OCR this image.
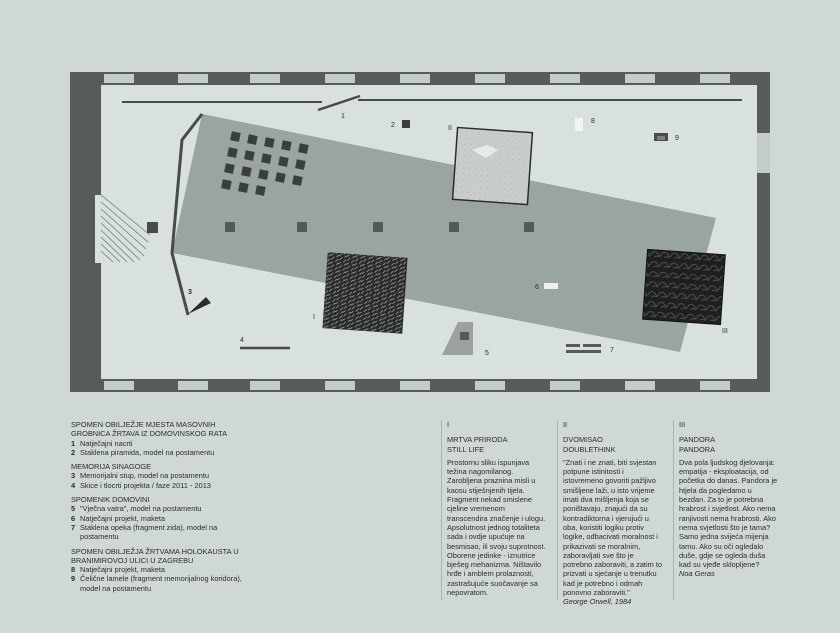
1
2
3
4
5
6
7
8
9
I
II
III
SPOMEN OBILJEŽJE MJESTA MASOVNIH GROBNICA ŽRTAVA IZ DOMOVINSKOG RATA
1 Natječajni nacrti
2 Staklena piramida, model na postamentu
MEMORIJA SINAGOGE
3 Memorijalni stup, model na postamentu
4 Skice i tlocrti projekta / faze 2011 - 2013
SPOMENIK DOMOVINI
5 "Vječna vatra", model na postamentu
6 Natječajni projekt, maketa
7 Staklena opeka (fragment zida), model na postamentu
SPOMEN OBILJEŽJA ŽRTVAMA HOLOKAUSTA U BRANIMIROVOJ ULICI U ZAGREBU
8 Natječajni projekt, maketa
9 Čelične lamele (fragment memorijalnog koridora), model na postamentu
I
MRTVA PRIRODA
STILL LIFE
Prostornu sliku ispunjava težina nagomilanog. Zarobljena praznina misli u kaosu stiješnjenih tijela. Fragment nekad smislene cjeline vremenom transcendira značenje i ulogu. Apsolutnost jednog totaliteta sada i ovdje upućuje na besmisao, ili svoju suprotnost. Oborene jedinke - iznutrice bješeg mehanizma. Ništavilo hrđe i amblem prolaznosti, zastrašujuće suočavanje sa nepovratom.
II
DVOMISAO
DOUBLETHINK
"Znati i ne znati, biti svjestan potpune istinitosti i istovremeno govoriti pažljivo smišljene laži, u isto vrijeme imati dva mišljenja koja se poništavaju, znajući da su kontradiktorna i vjerujući u oba, koristiti logiku protiv logike, odbacivati moralnost i prikazivati se moralnim, zaboravljati sve što je potrebno zaboraviti, a zatim to prizvati u sjećanje u trenutku kad je potrebno i odmah ponovno zaboraviti."
George Orwell, 1984
III
PANDORA
PANDORA
Dva pola ljudskog djelovanja: empatija - eksploatacija, od početka do danas. Pandora je htjela da pogledamo u bezdan. Za to je potrebna hrabrost i svjetlost. Ako nema ranjivosti nema hrabrosti. Ako nema svjetlosti što je tama? Samo jedna svijeća mijenja tamu. Ako su oči ogledalo duše, gdje se ogleda duša kad su vjeđe sklopljene?
Noa Geras
